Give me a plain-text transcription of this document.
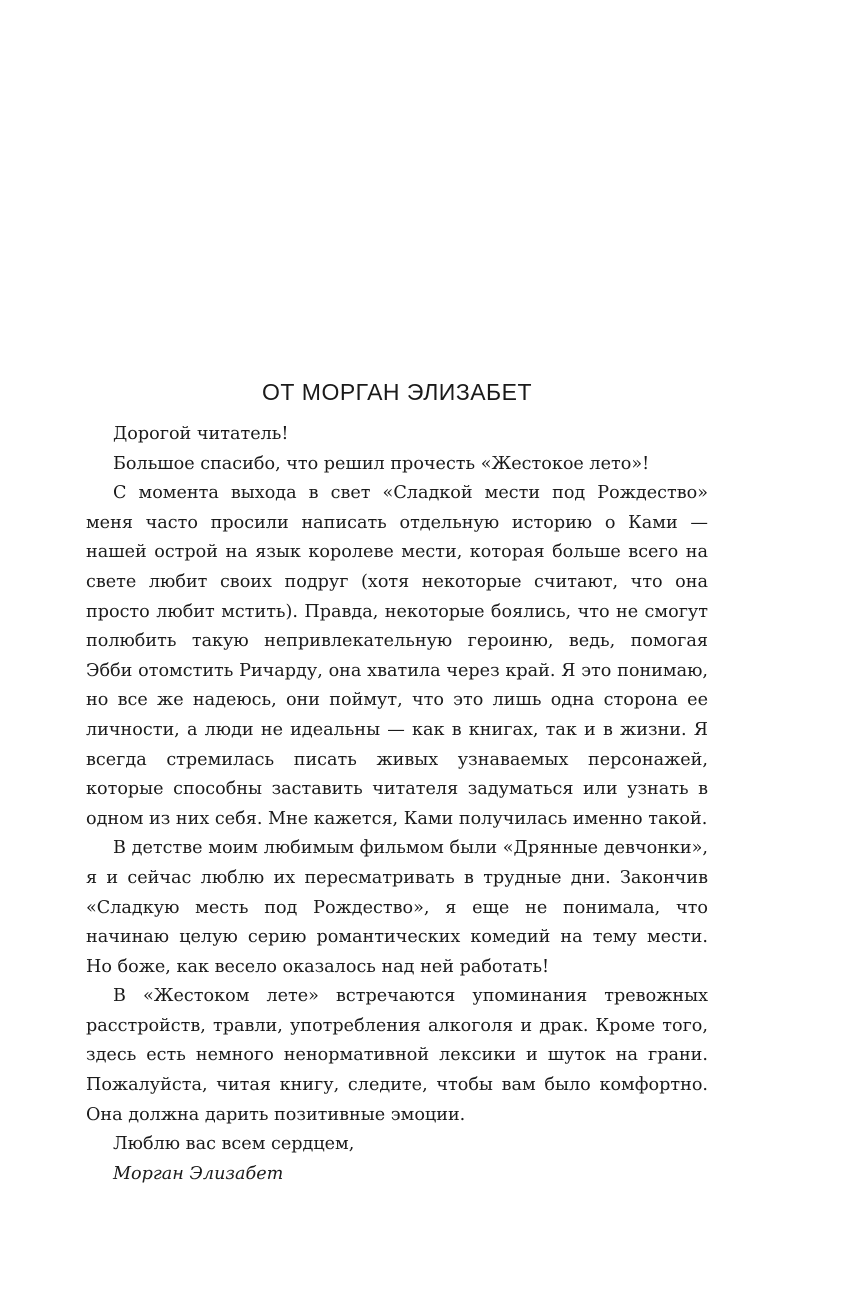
ОТ МОРГАН ЭЛИЗАБЕТ

Дорогой читатель!

Большое спасибо, что решил прочесть «Жестокое лето»!

С момента выхода в свет «Сладкой мести под Рождество» меня часто просили написать отдельную историю о Ками — нашей острой на язык королеве мести, которая больше всего на свете любит своих подруг (хотя некоторые считают, что она просто любит мстить). Правда, некоторые боялись, что не смогут полюбить такую непривлекательную героиню, ведь, помогая Эбби отомстить Ричарду, она хватила через край. Я это понимаю, но все же надеюсь, они поймут, что это лишь одна сторона ее личности, а люди не идеальны — как в книгах, так и в жизни. Я всегда стремилась писать живых узнаваемых персонажей, которые способны заставить читателя задуматься или узнать в одном из них себя. Мне кажется, Ками получилась именно такой.

В детстве моим любимым фильмом были «Дрянные девчонки», я и сейчас люблю их пересматривать в трудные дни. Закончив «Сладкую месть под Рождество», я еще не понимала, что начинаю целую серию романтических комедий на тему мести. Но боже, как весело оказалось над ней работать!

В «Жестоком лете» встречаются упоминания тревожных расстройств, травли, употребления алкоголя и драк. Кроме того, здесь есть немного ненормативной лексики и шуток на грани. Пожалуйста, читая книгу, следите, чтобы вам было комфортно. Она должна дарить позитивные эмоции.

Люблю вас всем сердцем,

Морган Элизабет
